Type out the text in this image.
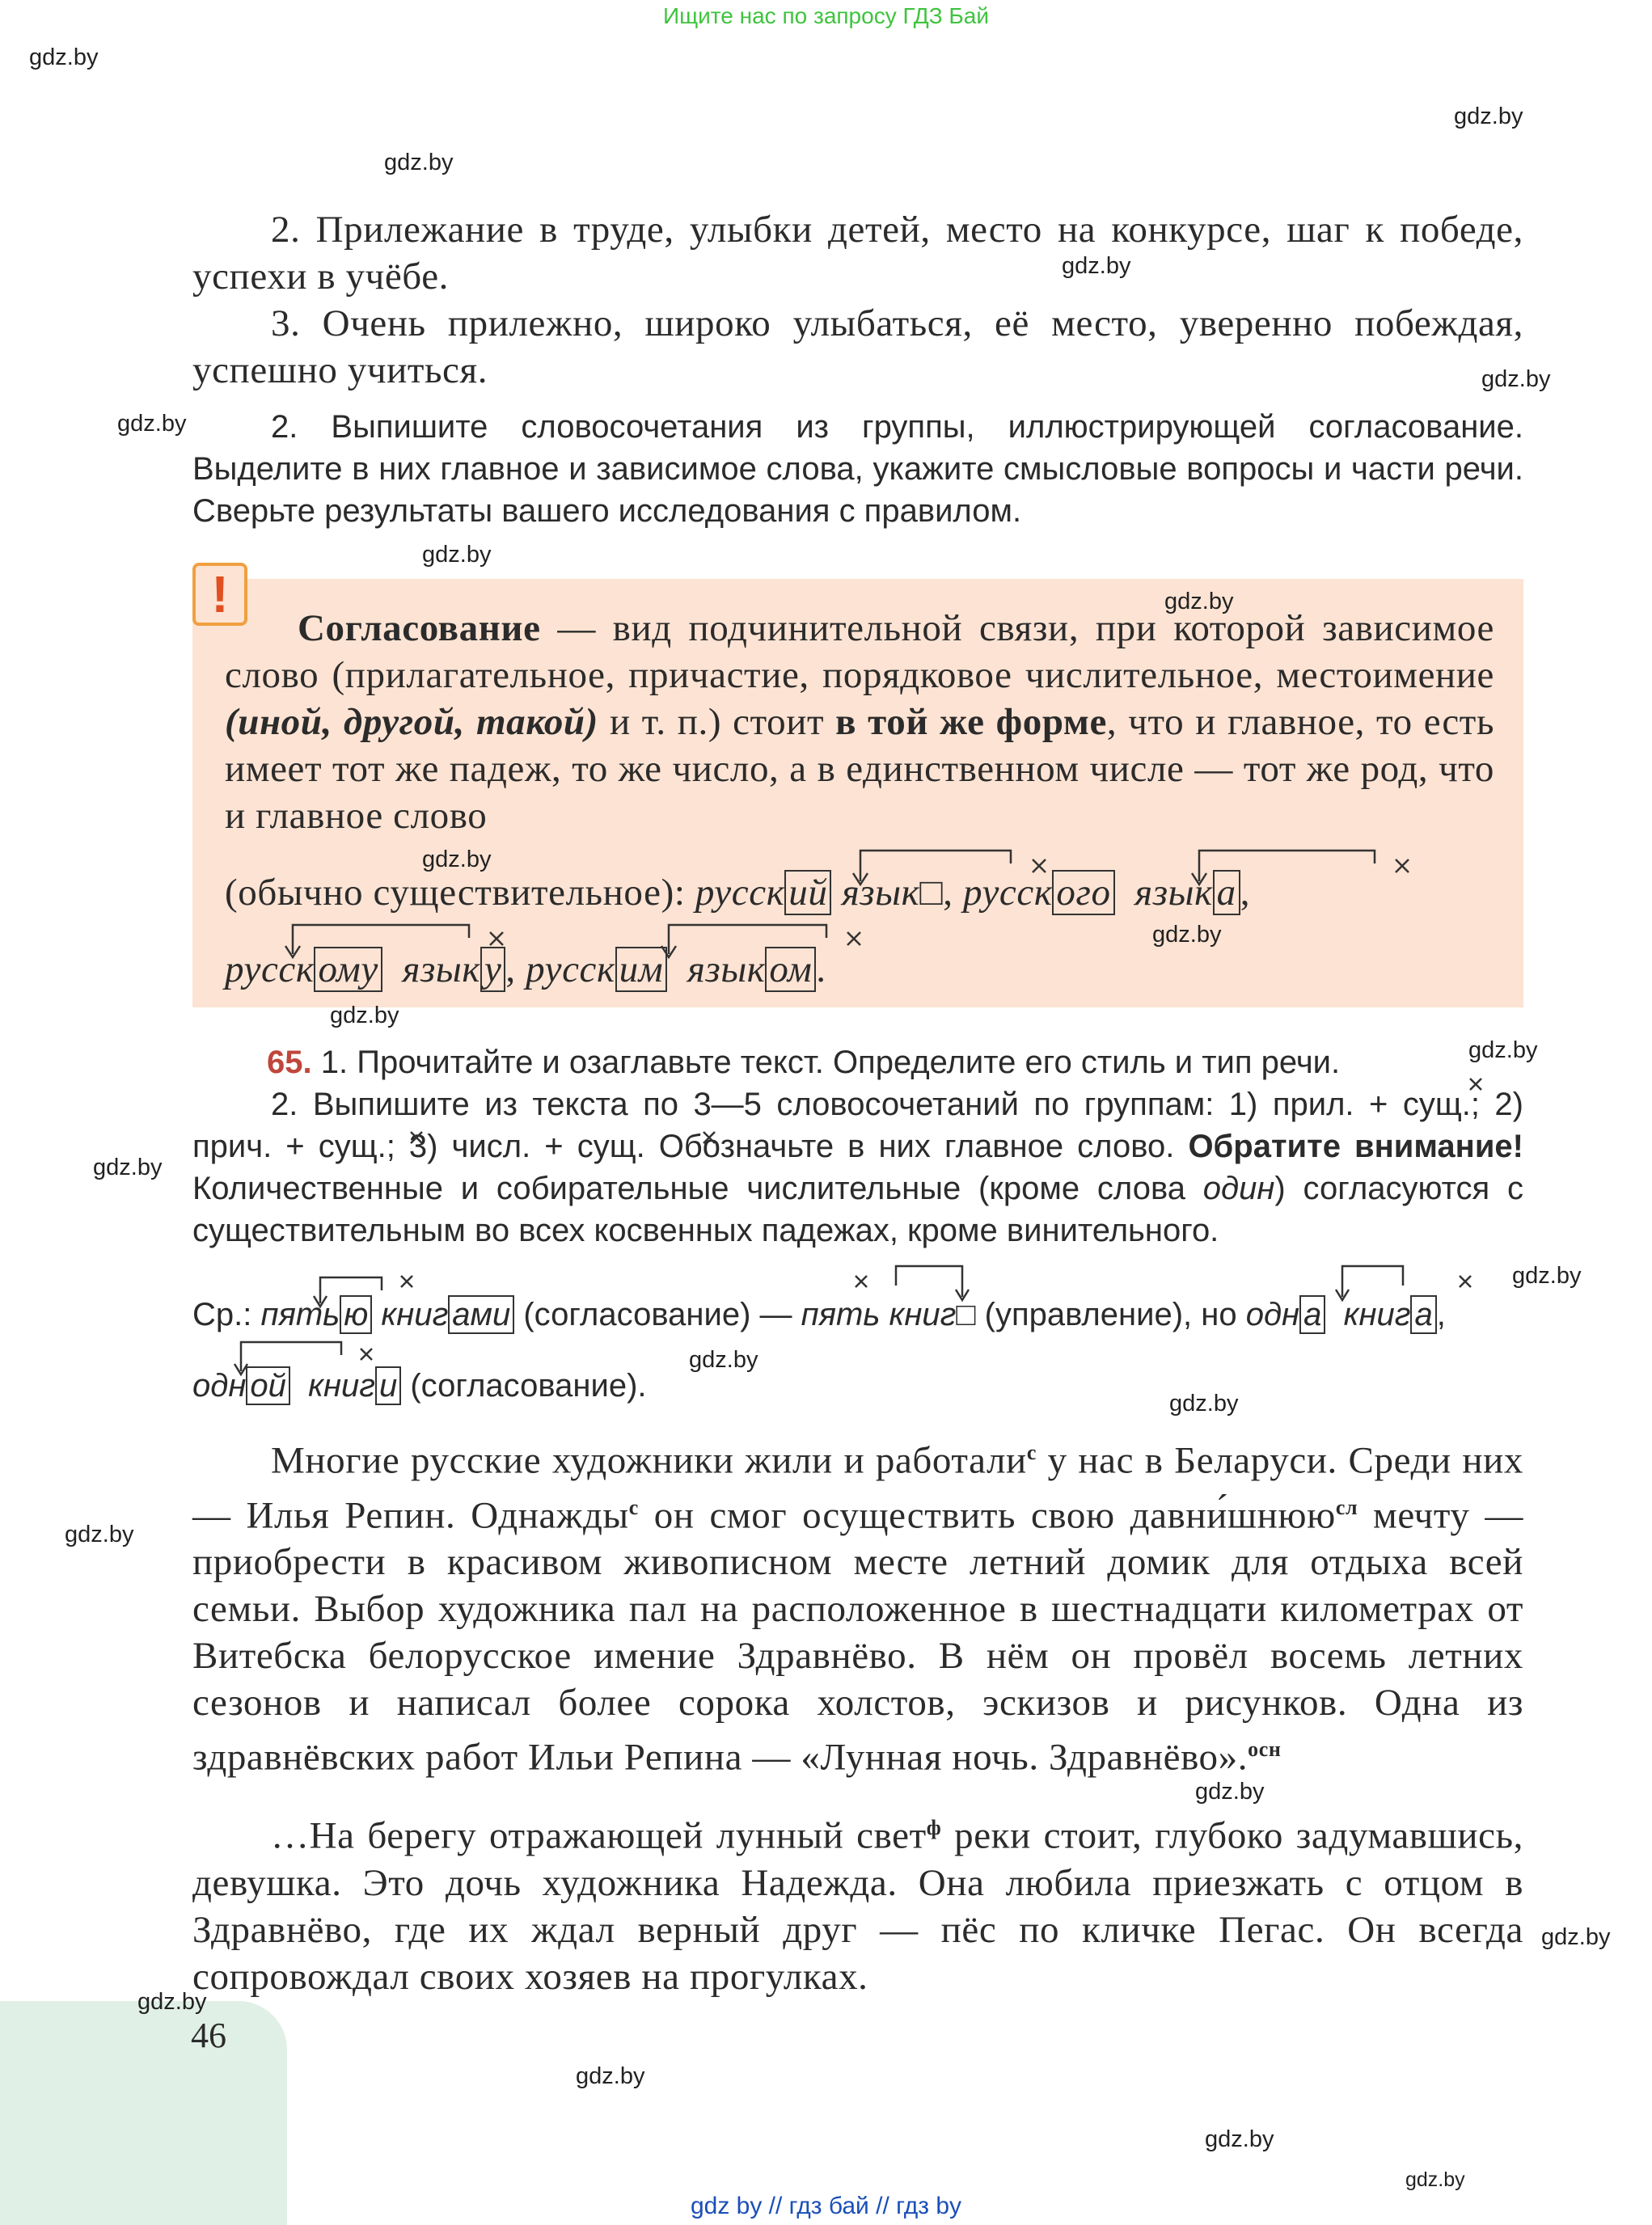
Ищите нас по запросу ГДЗ Бай
gdz.by
gdz.by
gdz.by
gdz.by
gdz.by
gdz.by
gdz.by
2. Прилежание в труде, улыбки детей, место на конкурсе, шаг к победе, успехи в учёбе.
3. Очень прилежно, широко улыбаться, её место, уверенно побеждая, успешно учиться.
2. Выпишите словосочетания из группы, иллюстрирующей согласование. Выделите в них главное и зависимое слова, укажите смысловые вопросы и части речи. Сверьте результаты вашего исследования с правилом.
!	gdz.by
Согласование — вид подчинительной связи, при которой зависимое слово (прилагательное, причастие, порядковое числительное, местоимение (иной, другой, такой) и т. п.) стоит в той же форме, что и главное, то есть имеет тот же падеж, то же число, а в единственном числе — тот же род, что и главное слово
gdz.by
gdz.by
(обычно существительное): русск ий язык□, русск ого язык а ,
русск ому язык у , русск им язык ом .
gdz.by
65. 1. Прочитайте и озаглавьте текст. Определите его стиль и тип речи.	gdz.by
2. Выпишите из текста по 3—5 словосочетаний по группам: 1) прил. + сущ.; 2) прич. + сущ.; 3) числ. + сущ. Обозначьте в них главное слово. Обратите внимание! Количественные и собирательные числительные (кроме слова один) согласуются с существительным во всех косвенных падежах, кроме винительного.
gdz.by
gdz.by
Ср.: пять ю книг ами (согласование) — пять книг□ (управление), но одн а книг а ,
одн ой книг и (согласование).
gdz.by
gdz.by
gdz.by
Многие русские художники жили и работали$^с$ у нас в Беларуси. Среди них — Илья Репин. Однажды$^с$ он смог осуществить свою давни́шнюю$^{сл}$ мечту — приобрести в красивом живописном месте летний домик для отдыха всей семьи. Выбор художника пал на расположенное в шестнадцати километрах от Витебска белорусское имение Здравнёво. В нём он провёл восемь летних сезонов и написал более сорока холстов, эскизов и рисунков. Одна из здравнёвских работ Ильи Репина — «Лунная ночь. Здравнёво».$^{осн}$
gdz.by
…На берегу отражающей лунный свет$^ф$ реки стоит, глубоко задумавшись, девушка. Это дочь художника Надежда. Она любила приезжать с отцом в Здравнёво, где их ждал верный друг — пёс по кличке Пегас. Он всегда сопровождал своих хозяев на прогулках.
gdz.by
gdz.by
46
gdz.by
gdz.by
gdz.by
gdz by // гдз бай // гдз by
